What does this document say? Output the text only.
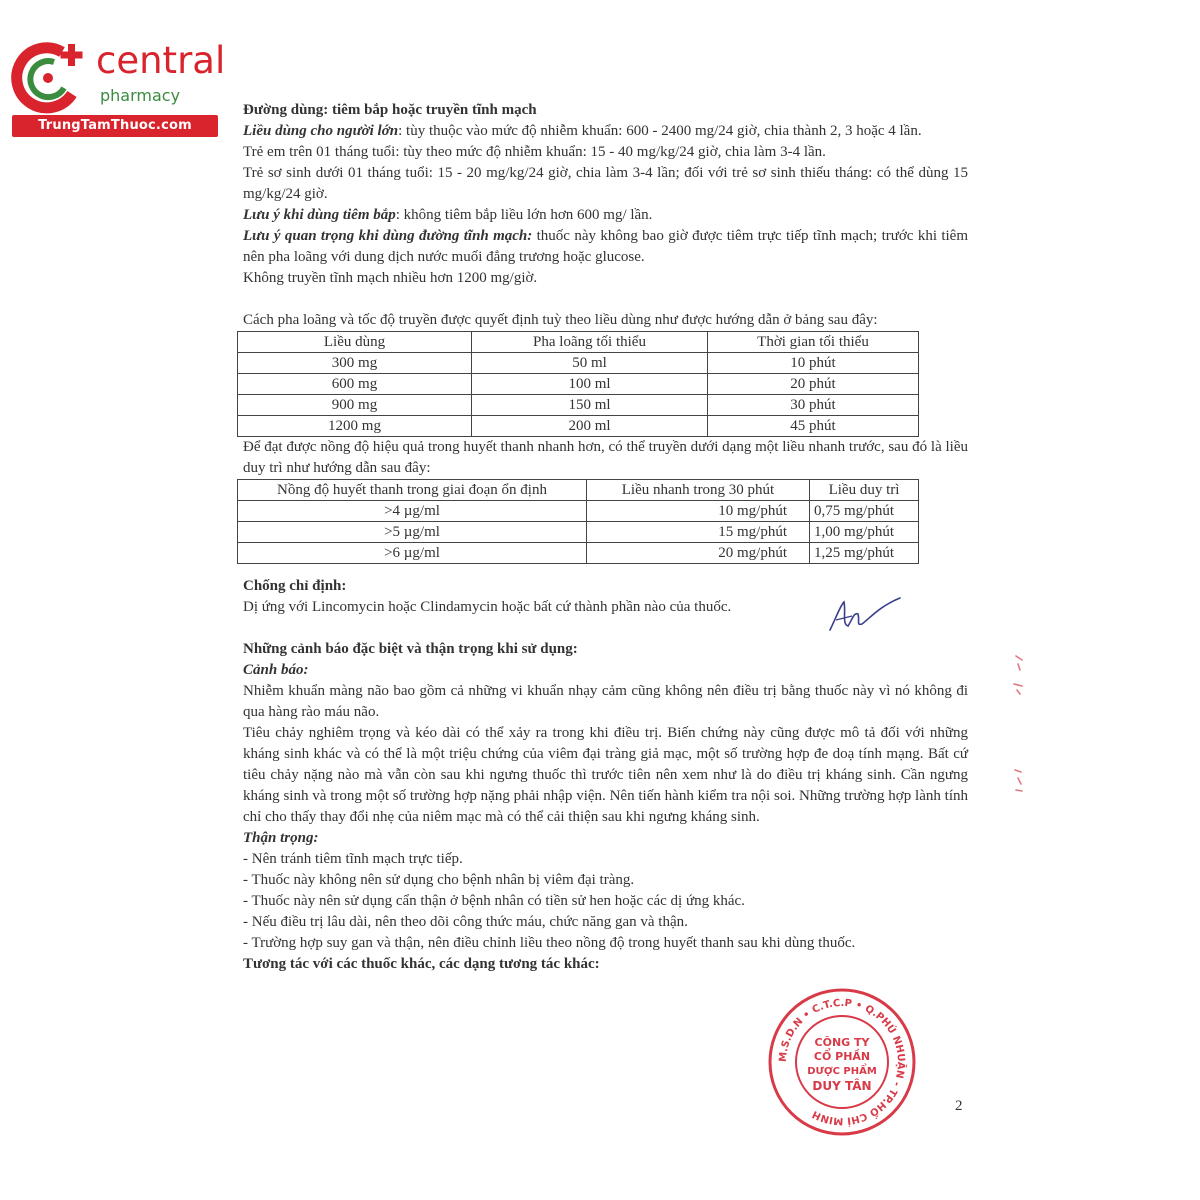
central
pharmacy
TrungTamThuoc.com

Đường dùng: tiêm bắp hoặc truyền tĩnh mạch

Liều dùng cho người lớn: tùy thuộc vào mức độ nhiễm khuẩn: 600 - 2400 mg/24 giờ, chia thành 2, 3 hoặc 4 lần.

Trẻ em trên 01 tháng tuổi: tùy theo mức độ nhiễm khuẩn: 15 - 40 mg/kg/24 giờ, chia làm 3-4 lần.

Trẻ sơ sinh dưới 01 tháng tuổi: 15 - 20 mg/kg/24 giờ, chia làm 3-4 lần; đối với trẻ sơ sinh thiếu tháng: có thể dùng 15 mg/kg/24 giờ.

Lưu ý khi dùng tiêm bắp: không tiêm bắp liều lớn hơn 600 mg/ lần.

Lưu ý quan trọng khi dùng đường tĩnh mạch: thuốc này không bao giờ được tiêm trực tiếp tĩnh mạch; trước khi tiêm nên pha loãng với dung dịch nước muối đẳng trương hoặc glucose.

Không truyền tĩnh mạch nhiều hơn 1200 mg/giờ.

Cách pha loãng và tốc độ truyền được quyết định tuỳ theo liều dùng như được hướng dẫn ở bảng sau đây:

Liều dùng	Pha loãng tối thiểu	Thời gian tối thiểu
300 mg	50 ml	10 phút
600 mg	100 ml	20 phút
900 mg	150 ml	30 phút
1200 mg	200 ml	45 phút

Để đạt được nồng độ hiệu quả trong huyết thanh nhanh hơn, có thể truyền dưới dạng một liều nhanh trước, sau đó là liều duy trì như hướng dẫn sau đây:

Nồng độ huyết thanh trong giai đoạn ổn định	Liều nhanh trong 30 phút	Liều duy trì
>4 µg/ml	10 mg/phút	0,75 mg/phút
>5 µg/ml	15 mg/phút	1,00 mg/phút
>6 µg/ml	20 mg/phút	1,25 mg/phút

Chống chỉ định:

Dị ứng với Lincomycin hoặc Clindamycin hoặc bất cứ thành phần nào của thuốc.

Những cảnh báo đặc biệt và thận trọng khi sử dụng:

Cảnh báo:

Nhiễm khuẩn màng não bao gồm cả những vi khuẩn nhạy cảm cũng không nên điều trị bằng thuốc này vì nó không đi qua hàng rào máu não.

Tiêu chảy nghiêm trọng và kéo dài có thể xảy ra trong khi điều trị. Biến chứng này cũng được mô tả đối với những kháng sinh khác và có thể là một triệu chứng của viêm đại tràng giả mạc, một số trường hợp đe doạ tính mạng. Bất cứ tiêu chảy nặng nào mà vẫn còn sau khi ngưng thuốc thì trước tiên nên xem như là do điều trị kháng sinh. Cần ngưng kháng sinh và trong một số trường hợp nặng phải nhập viện. Nên tiến hành kiểm tra nội soi. Những trường hợp lành tính chỉ cho thấy thay đổi nhẹ của niêm mạc mà có thể cải thiện sau khi ngưng kháng sinh.

Thận trọng:

- Nên tránh tiêm tĩnh mạch trực tiếp.

- Thuốc này không nên sử dụng cho bệnh nhân bị viêm đại tràng.

- Thuốc này nên sử dụng cẩn thận ở bệnh nhân có tiền sử hen hoặc các dị ứng khác.

- Nếu điều trị lâu dài, nên theo dõi công thức máu, chức năng gan và thận.

- Trường hợp suy gan và thận, nên điều chỉnh liều theo nồng độ trong huyết thanh sau khi dùng thuốc.

Tương tác với các thuốc khác, các dạng tương tác khác:

M.S.D.N • C.T.C.P • Q.PHÚ NHUẬN - TP.HỒ CHÍ MINH
CÔNG TY
CỔ PHẦN
DƯỢC PHẨM
DUY TÂN
2
